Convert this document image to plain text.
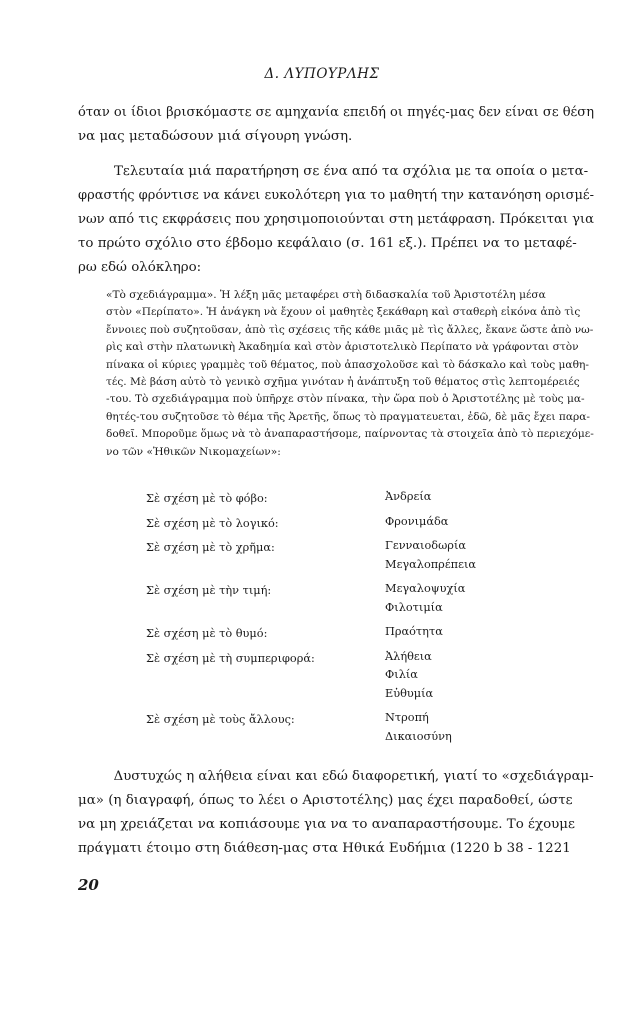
Δ. ΛΥΠΟΥΡΛΗΣ
όταν οι ίδιοι βρισκόμαστε σε αμηχανία επειδή οι πηγές-μας δεν είναι σε θέση
να μας μεταδώσουν μιά σίγουρη γνώση.
Τελευταία μιά παρατήρηση σε ένα από τα σχόλια με τα οποία ο μετα-
φραστής φρόντισε να κάνει ευκολότερη για το μαθητή την κατανόηση ορισμέ-
νων από τις εκφράσεις που χρησιμοποιούνται στη μετάφραση. Πρόκειται για
το πρώτο σχόλιο στο έβδομο κεφάλαιο (σ. 161 εξ.). Πρέπει να το μεταφέ-
ρω εδώ ολόκληρο:
«Τὸ σχεδιάγραμμα». Ἡ λέξη μᾶς μεταφέρει στὴ διδασκαλία τοῦ Ἀριστοτέλη μέσα
στὸν «Περίπατο». Ἡ ἀνάγκη νὰ ἔχουν οἱ μαθητὲς ξεκάθαρη καὶ σταθερὴ εἰκόνα ἀπὸ τὶς
ἔννοιες ποὺ συζητοῦσαν, ἀπὸ τὶς σχέσεις τῆς κάθε μιᾶς μὲ τὶς ἄλλες, ἔκανε ὥστε ἀπὸ νω-
ρὶς καὶ στὴν πλατωνικὴ Ἀκαδημία καὶ στὸν ἀριστοτελικὸ Περίπατο νὰ γράφονται στὸν
πίνακα οἱ κύριες γραμμὲς τοῦ θέματος, ποὺ ἀπασχολοῦσε καὶ τὸ δάσκαλο καὶ τοὺς μαθη-
τές. Μὲ βάση αὐτὸ τὸ γενικὸ σχῆμα γινόταν ἡ ἀνάπτυξη τοῦ θέματος στὶς λεπτομέρειές
-του. Τὸ σχεδιάγραμμα ποὺ ὑπῆρχε στὸν πίνακα, τὴν ὥρα ποὺ ὁ Ἀριστοτέλης μὲ τοὺς μα-
θητές-του συζητοῦσε τὸ θέμα τῆς Ἀρετῆς, ὅπως τὸ πραγματευεται, ἐδῶ, δὲ μᾶς ἔχει παρα-
δοθεῖ. Μποροῦμε ὅμως νὰ τὸ ἀναπαραστήσομε, παίρνοντας τὰ στοιχεῖα ἀπὸ τὸ περιεχόμε-
νο τῶν «Ἠθικῶν Νικομαχείων»:
Σὲ σχέση μὲ τὸ φόβο:	Ἀνδρεία
Σὲ σχέση μὲ τὸ λογικό:	Φρονιμάδα
Σὲ σχέση μὲ τὸ χρῆμα:	Γενναιοδωρία
Μεγαλοπρέπεια
Σὲ σχέση μὲ τὴν τιμή:	Μεγαλοψυχία
Φιλοτιμία
Σὲ σχέση μὲ τὸ θυμό:	Πραότητα
Σὲ σχέση μὲ τὴ συμπεριφορά:	Ἀλήθεια
Φιλία
Εὐθυμία
Σὲ σχέση μὲ τοὺς ἄλλους:	Ντροπή
Δικαιοσύνη
Δυστυχώς η αλήθεια είναι και εδώ διαφορετική, γιατί το «σχεδιάγραμ-
μα» (η διαγραφή, όπως το λέει ο Αριστοτέλης) μας έχει παραδοθεί, ώστε
να μη χρειάζεται να κοπιάσουμε για να το αναπαραστήσουμε. Το έχουμε
πράγματι έτοιμο στη διάθεση-μας στα Ηθικά Ευδήμια (1220 b 38 - 1221
20
